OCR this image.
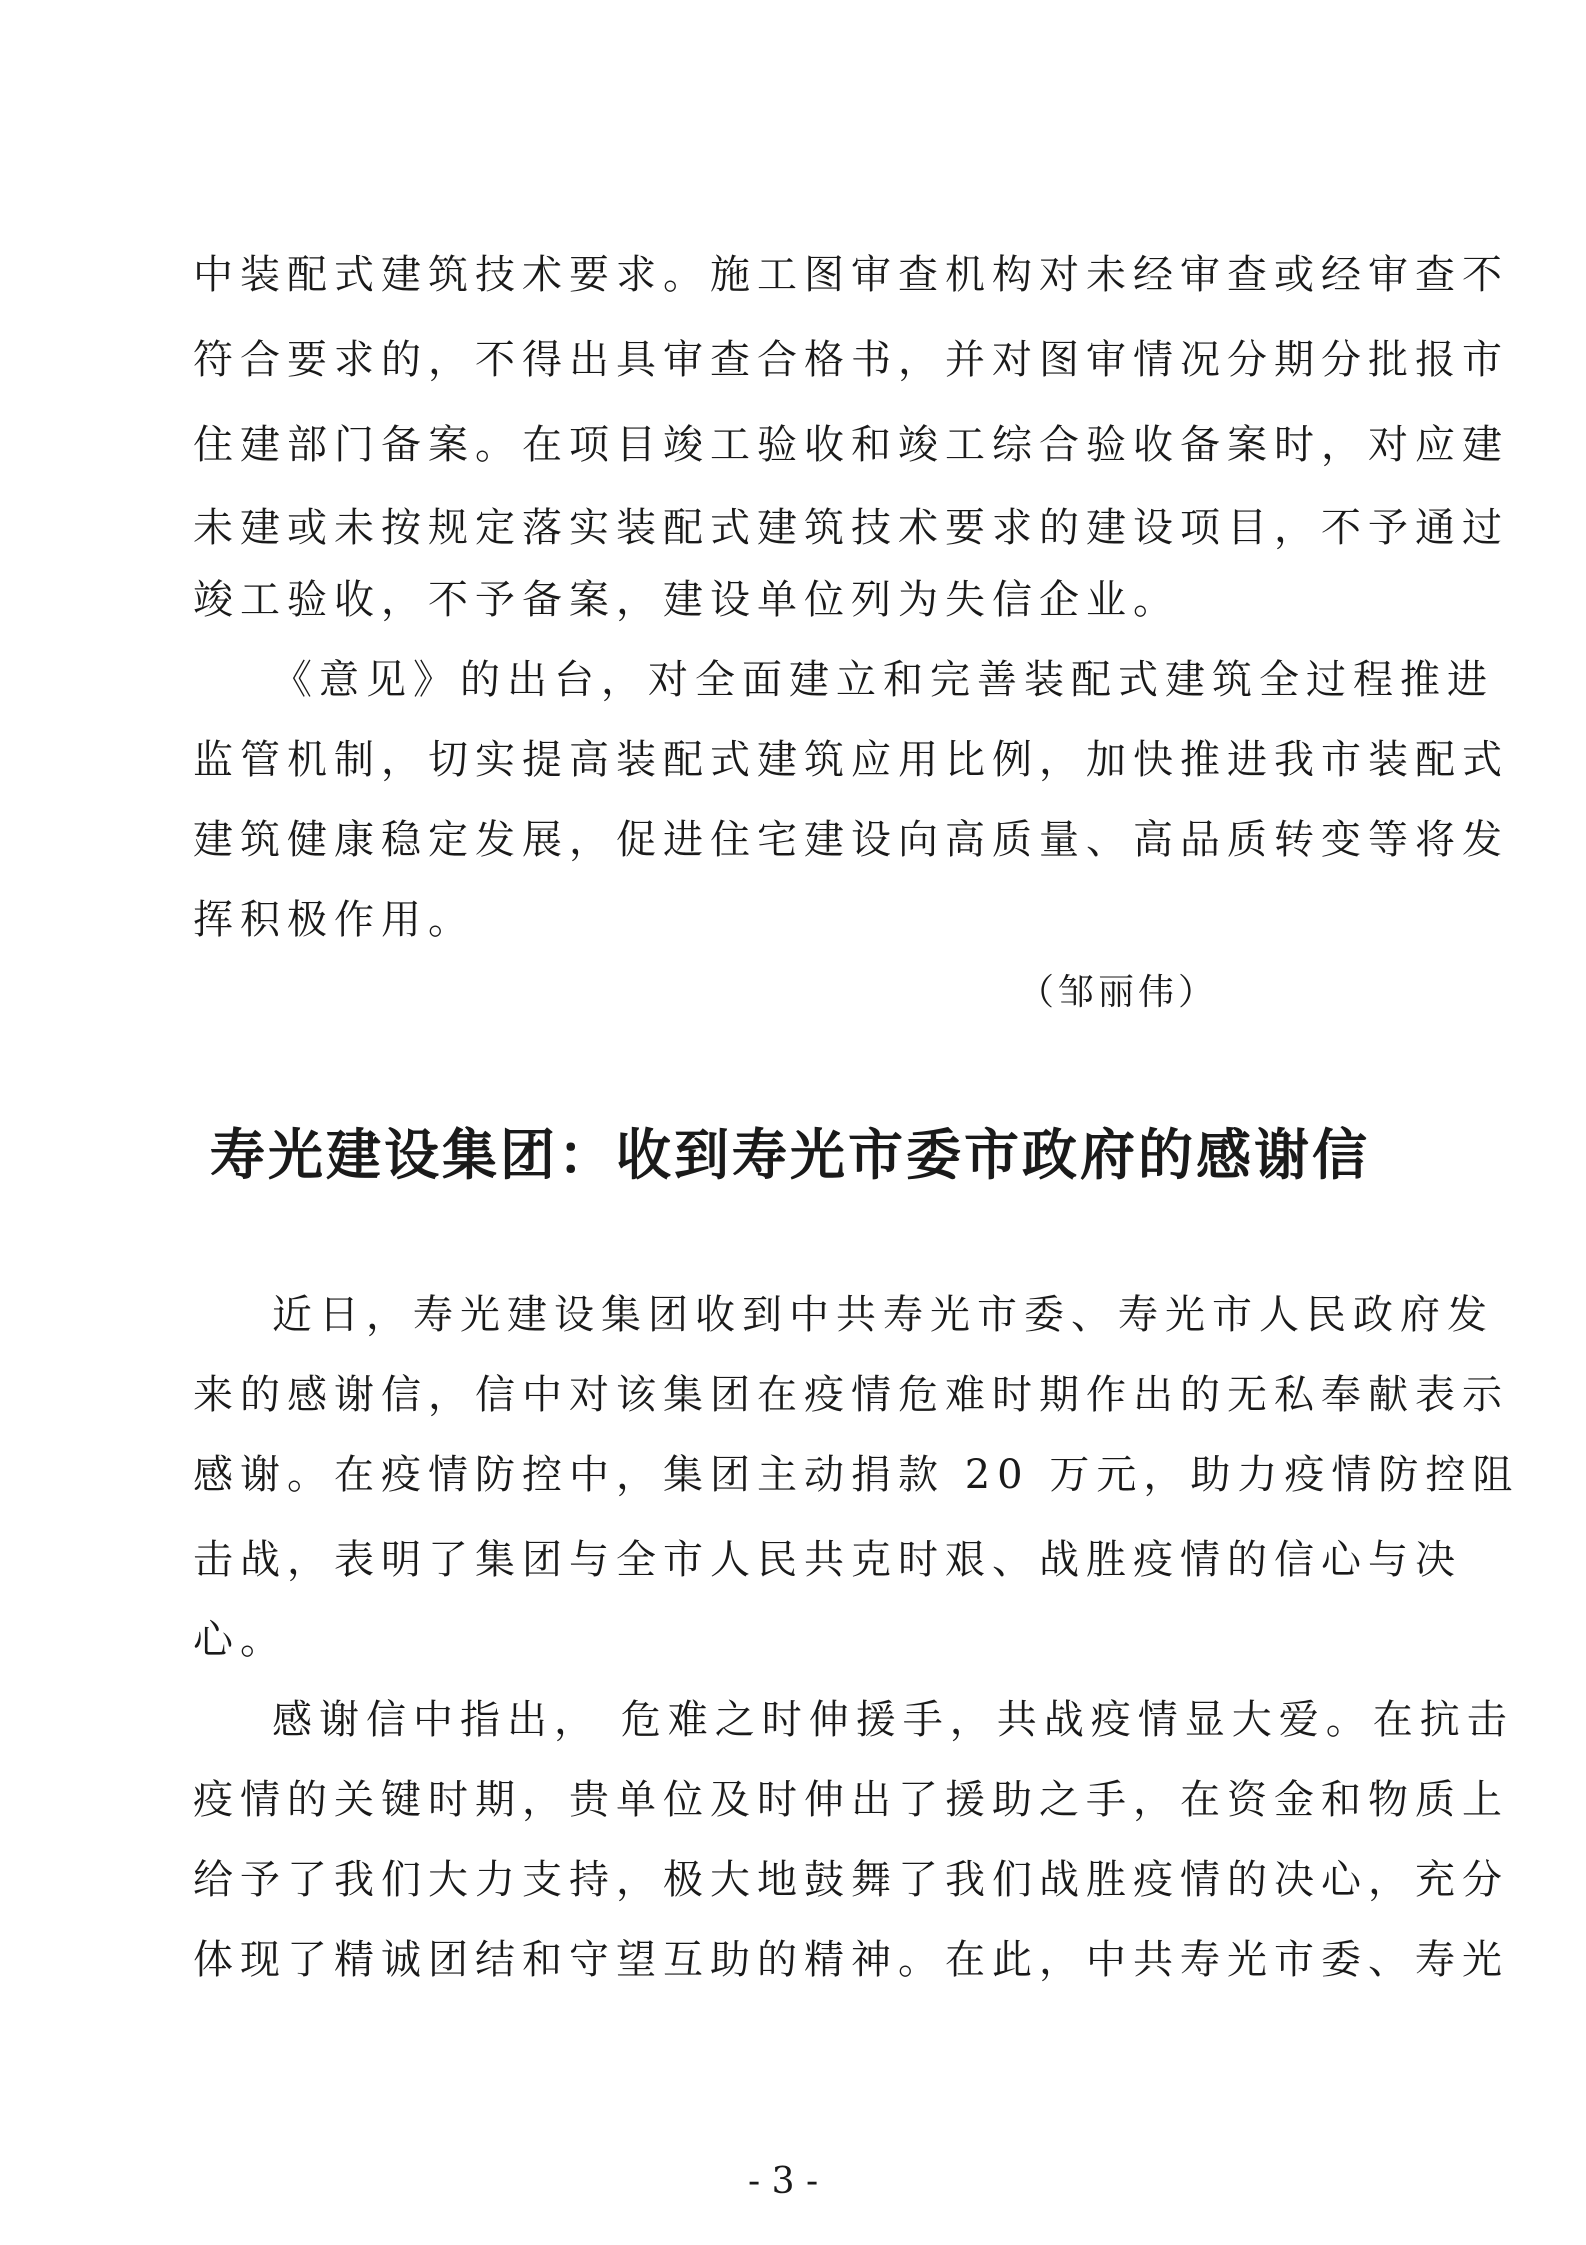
中装配式建筑技术要求。施工图审查机构对未经审查或经审查不
符合要求的，不得出具审查合格书，并对图审情况分期分批报市
住建部门备案。在项目竣工验收和竣工综合验收备案时，对应建
未建或未按规定落实装配式建筑技术要求的建设项目，不予通过
竣工验收，不予备案，建设单位列为失信企业。
《意见》的出台，对全面建立和完善装配式建筑全过程推进
监管机制，切实提高装配式建筑应用比例，加快推进我市装配式
建筑健康稳定发展，促进住宅建设向高质量、高品质转变等将发
挥积极作用。
（邹丽伟）
寿光建设集团：收到寿光市委市政府的感谢信
近日，寿光建设集团收到中共寿光市委、寿光市人民政府发
来的感谢信，信中对该集团在疫情危难时期作出的无私奉献表示
感谢。在疫情防控中，集团主动捐款 20 万元，助力疫情防控阻
击战，表明了集团与全市人民共克时艰、战胜疫情的信心与决
心。
感谢信中指出， 危难之时伸援手，共战疫情显大爱。在抗击
疫情的关键时期，贵单位及时伸出了援助之手，在资金和物质上
给予了我们大力支持，极大地鼓舞了我们战胜疫情的决心，充分
体现了精诚团结和守望互助的精神。在此，中共寿光市委、寿光
- 3 -
